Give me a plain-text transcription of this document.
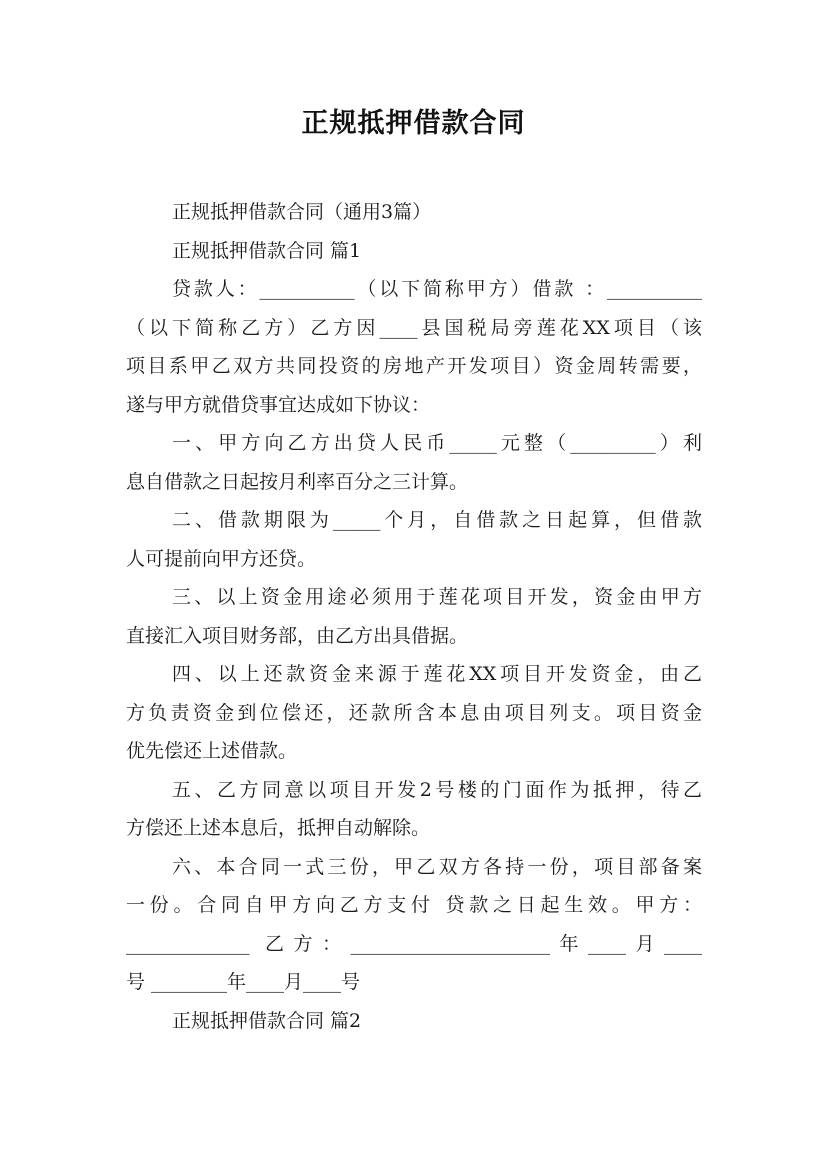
正规抵押借款合同
正规抵押借款合同（通用3篇）
正规抵押借款合同 篇1
贷款人：__________（以下简称甲方）借款 ：__________
（以下简称乙方）乙方因____县国税局旁莲花XX项目（该
项目系甲乙双方共同投资的房地产开发项目）资金周转需要，
遂与甲方就借贷事宜达成如下协议：
一、甲方向乙方出贷人民币_____元整（_________）利
息自借款之日起按月利率百分之三计算。
二、借款期限为_____个月，自借款之日起算，但借款
人可提前向甲方还贷。
三、以上资金用途必须用于莲花项目开发，资金由甲方
直接汇入项目财务部，由乙方出具借据。
四、以上还款资金来源于莲花XX项目开发资金，由乙
方负责资金到位偿还，还款所含本息由项目列支。项目资金
优先偿还上述借款。
五、乙方同意以项目开发2号楼的门面作为抵押，待乙
方偿还上述本息后，抵押自动解除。
六、本合同一式三份，甲乙双方各持一份，项目部备案
一份。合同自甲方向乙方支付 贷款之日起生效。甲方：
_____________ 乙方：_____________________年____月____
号 ________年____月____号
正规抵押借款合同 篇2
